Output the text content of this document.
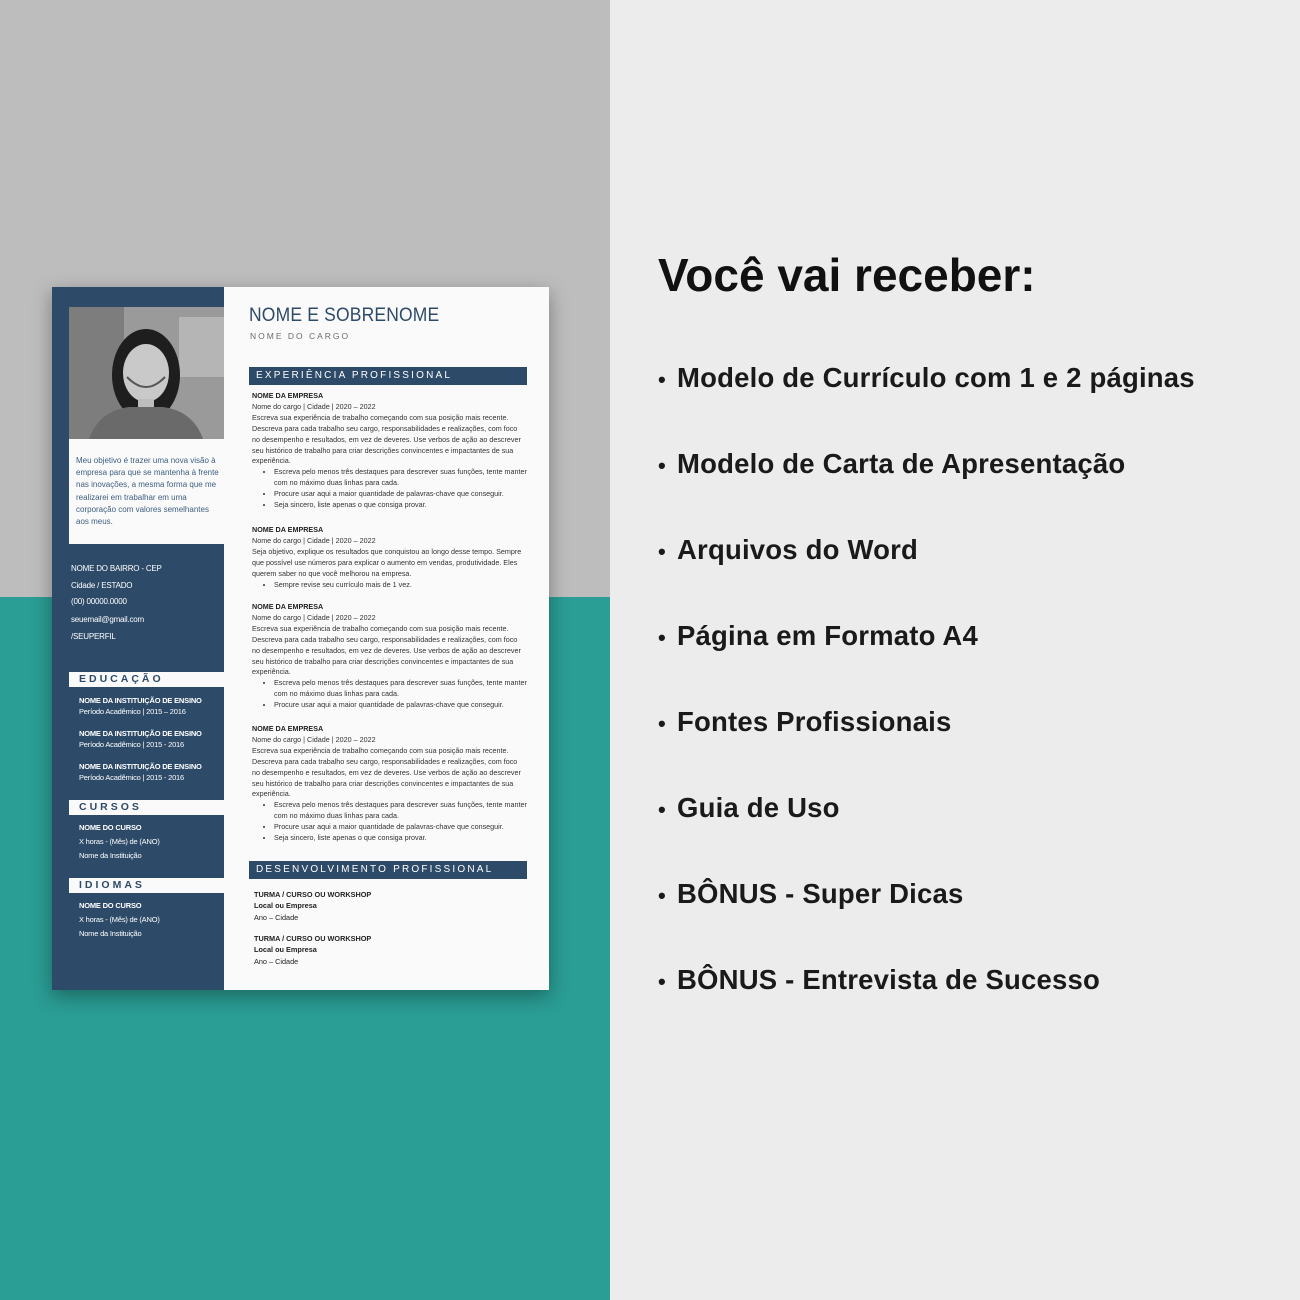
Meu objetivo é trazer uma nova visão à empresa para que se mantenha à frente nas inovações, a mesma forma que me realizarei em trabalhar em uma corporação com valores semelhantes aos meus.
NOME DO BAIRRO - CEP
Cidade / ESTADO
(00) 00000.0000
seuemail@gmail.com
/SEUPERFIL
EDUCAÇÃO
NOME DA INSTITUIÇÃO DE ENSINO
Período Acadêmico | 2015 – 2016
NOME DA INSTITUIÇÃO DE ENSINO
Período Acadêmico | 2015 - 2016
NOME DA INSTITUIÇÃO DE ENSINO
Período Acadêmico | 2015 - 2016
CURSOS
NOME DO CURSO
X horas - (Mês) de (ANO)
Nome da Instituição
IDIOMAS
NOME DO CURSO
X horas - (Mês) de (ANO)
Nome da Instituição
NOME E SOBRENOME
NOME DO CARGO
EXPERIÊNCIA PROFISSIONAL
NOME DA EMPRESA
Nome do cargo | Cidade | 2020 – 2022
Escreva sua experiência de trabalho começando com sua posição mais recente. Descreva para cada trabalho seu cargo, responsabilidades e realizações, com foco no desempenho e resultados, em vez de deveres. Use verbos de ação ao descrever seu histórico de trabalho para criar descrições convincentes e impactantes de sua experiência.
• Escreva pelo menos três destaques para descrever suas funções, tente manter com no máximo duas linhas para cada.
• Procure usar aqui a maior quantidade de palavras-chave que conseguir.
• Seja sincero, liste apenas o que consiga provar.
NOME DA EMPRESA
Nome do cargo | Cidade | 2020 – 2022
Seja objetivo, explique os resultados que conquistou ao longo desse tempo. Sempre que possível use números para explicar o aumento em vendas, produtividade. Eles querem saber no que você melhorou na empresa.
• Sempre revise seu currículo mais de 1 vez.
NOME DA EMPRESA
Nome do cargo | Cidade | 2020 – 2022
Escreva sua experiência de trabalho começando com sua posição mais recente. Descreva para cada trabalho seu cargo, responsabilidades e realizações, com foco no desempenho e resultados, em vez de deveres. Use verbos de ação ao descrever seu histórico de trabalho para criar descrições convincentes e impactantes de sua experiência.
• Escreva pelo menos três destaques para descrever suas funções, tente manter com no máximo duas linhas para cada.
• Procure usar aqui a maior quantidade de palavras-chave que conseguir.
NOME DA EMPRESA
Nome do cargo | Cidade | 2020 – 2022
Escreva sua experiência de trabalho começando com sua posição mais recente. Descreva para cada trabalho seu cargo, responsabilidades e realizações, com foco no desempenho e resultados, em vez de deveres. Use verbos de ação ao descrever seu histórico de trabalho para criar descrições convincentes e impactantes de sua experiência.
• Escreva pelo menos três destaques para descrever suas funções, tente manter com no máximo duas linhas para cada.
• Procure usar aqui a maior quantidade de palavras-chave que conseguir.
• Seja sincero, liste apenas o que consiga provar.
DESENVOLVIMENTO PROFISSIONAL
TURMA / CURSO OU WORKSHOP
Local ou Empresa
Ano – Cidade
TURMA / CURSO OU WORKSHOP
Local ou Empresa
Ano – Cidade
Você vai receber:
• Modelo de Currículo com 1 e 2 páginas
• Modelo de Carta de Apresentação
• Arquivos do Word
• Página em Formato A4
• Fontes Profissionais
• Guia de Uso
• BÔNUS - Super Dicas
• BÔNUS - Entrevista de Sucesso
